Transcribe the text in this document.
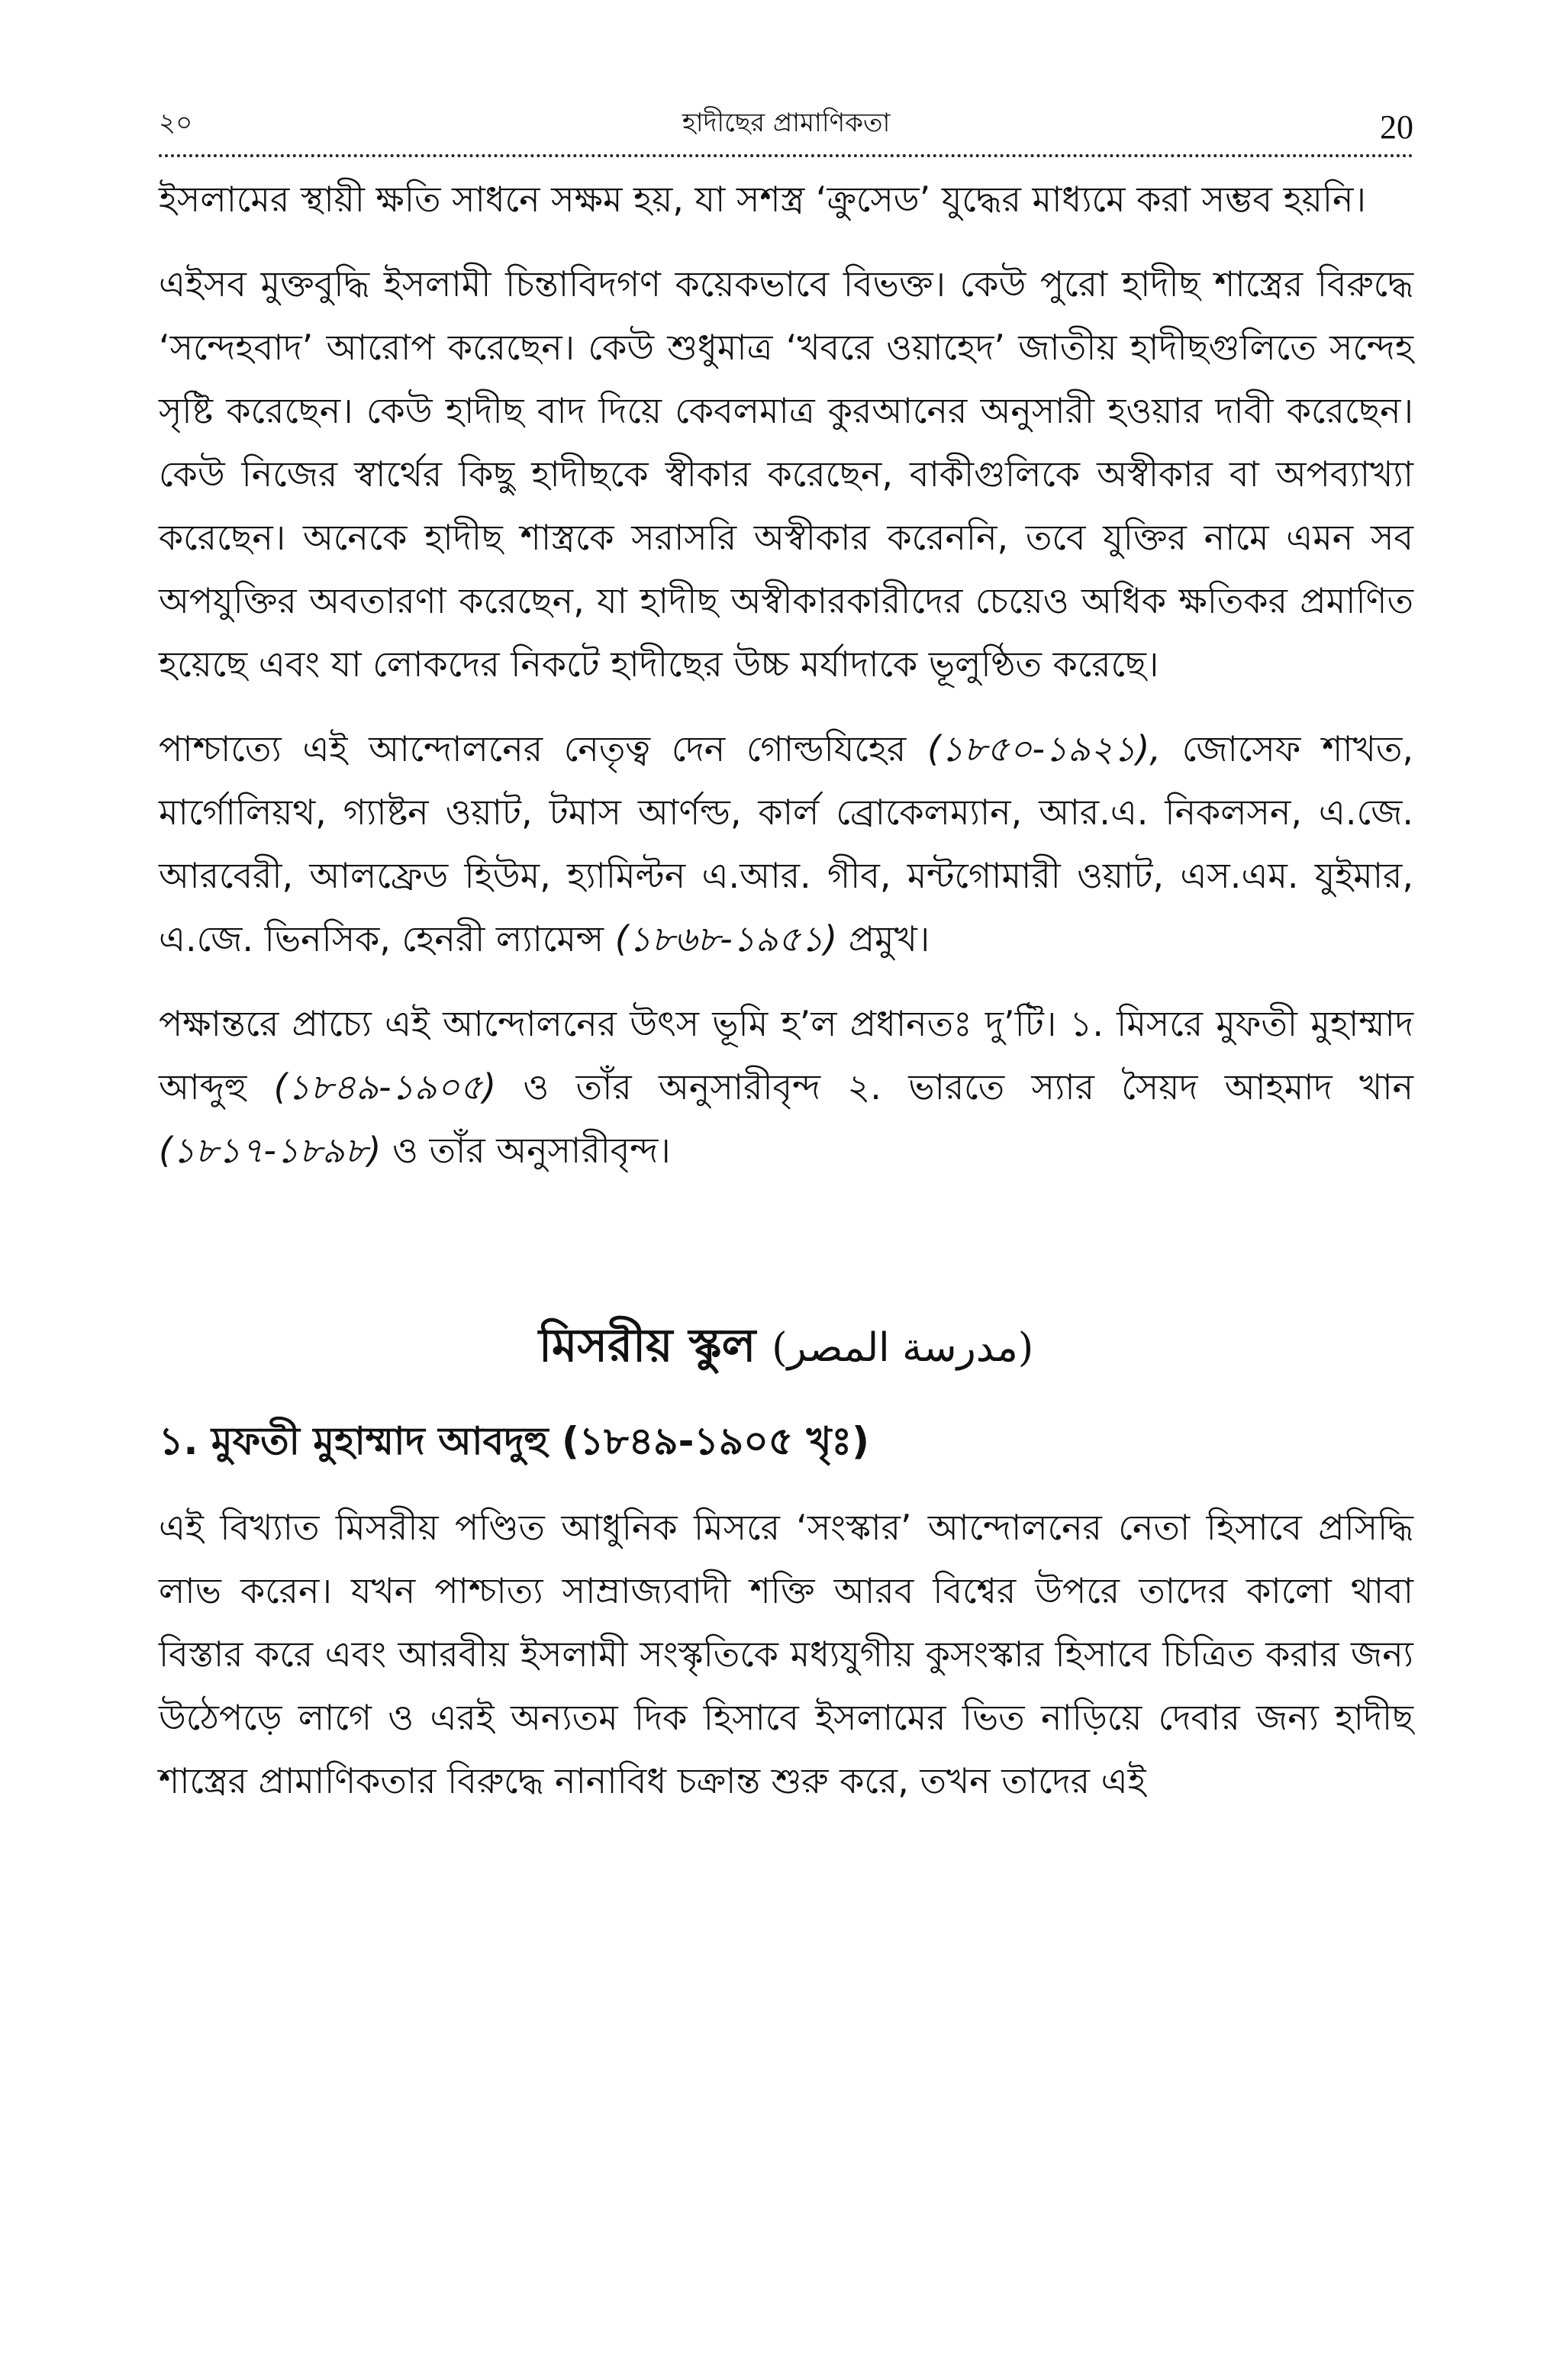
২০	হাদীছের প্রামাণিকতা	20

ইসলামের স্থায়ী ক্ষতি সাধনে সক্ষম হয়, যা সশস্ত্র ‘ক্রুসেড’ যুদ্ধের মাধ্যমে করা সম্ভব হয়নি।

এইসব মুক্তবুদ্ধি ইসলামী চিন্তাবিদগণ কয়েকভাবে বিভক্ত। কেউ পুরো হাদীছ শাস্ত্রের বিরুদ্ধে ‘সন্দেহবাদ’ আরোপ করেছেন। কেউ শুধুমাত্র ‘খবরে ওয়াহেদ’ জাতীয় হাদীছগুলিতে সন্দেহ সৃষ্টি করেছেন। কেউ হাদীছ বাদ দিয়ে কেবলমাত্র কুরআনের অনুসারী হওয়ার দাবী করেছেন। কেউ নিজের স্বার্থের কিছু হাদীছকে স্বীকার করেছেন, বাকীগুলিকে অস্বীকার বা অপব্যাখ্যা করেছেন। অনেকে হাদীছ শাস্ত্রকে সরাসরি অস্বীকার করেননি, তবে যুক্তির নামে এমন সব অপযুক্তির অবতারণা করেছেন, যা হাদীছ অস্বীকারকারীদের চেয়েও অধিক ক্ষতিকর প্রমাণিত হয়েছে এবং যা লোকদের নিকটে হাদীছের উচ্চ মর্যাদাকে ভূলুণ্ঠিত করেছে।

পাশ্চাত্যে এই আন্দোলনের নেতৃত্ব দেন গোল্ডযিহের (১৮৫০-১৯২১), জোসেফ শাখত, মার্গোলিয়থ, গ্যাষ্টন ওয়াট, টমাস আর্ণল্ড, কার্ল ব্রোকেলম্যান, আর.এ. নিকলসন, এ.জে. আরবেরী, আলফ্রেড হিউম, হ্যামিল্টন এ.আর. গীব, মন্টগোমারী ওয়াট, এস.এম. যুইমার, এ.জে. ভিনসিক, হেনরী ল্যামেন্স (১৮৬৮-১৯৫১) প্রমুখ।

পক্ষান্তরে প্রাচ্যে এই আন্দোলনের উৎস ভূমি হ’ল প্রধানতঃ দু’টি। ১. মিসরে মুফতী মুহাম্মাদ আব্দুহু (১৮৪৯-১৯০৫) ও তাঁর অনুসারীবৃন্দ ২. ভারতে স্যার সৈয়দ আহমাদ খান (১৮১৭-১৮৯৮) ও তাঁর অনুসারীবৃন্দ।

মিসরীয় স্কুল (مدرسة المصر)
১. মুফতী মুহাম্মাদ আবদুহু (১৮৪৯-১৯০৫ খৃঃ)

এই বিখ্যাত মিসরীয় পণ্ডিত আধুনিক মিসরে ‘সংস্কার’ আন্দোলনের নেতা হিসাবে প্রসিদ্ধি লাভ করেন। যখন পাশ্চাত্য সাম্রাজ্যবাদী শক্তি আরব বিশ্বের উপরে তাদের কালো থাবা বিস্তার করে এবং আরবীয় ইসলামী সংস্কৃতিকে মধ্যযুগীয় কুসংস্কার হিসাবে চিত্রিত করার জন্য উঠেপড়ে লাগে ও এরই অন্যতম দিক হিসাবে ইসলামের ভিত নাড়িয়ে দেবার জন্য হাদীছ শাস্ত্রের প্রামাণিকতার বিরুদ্ধে নানাবিধ চক্রান্ত শুরু করে, তখন তাদের এই
